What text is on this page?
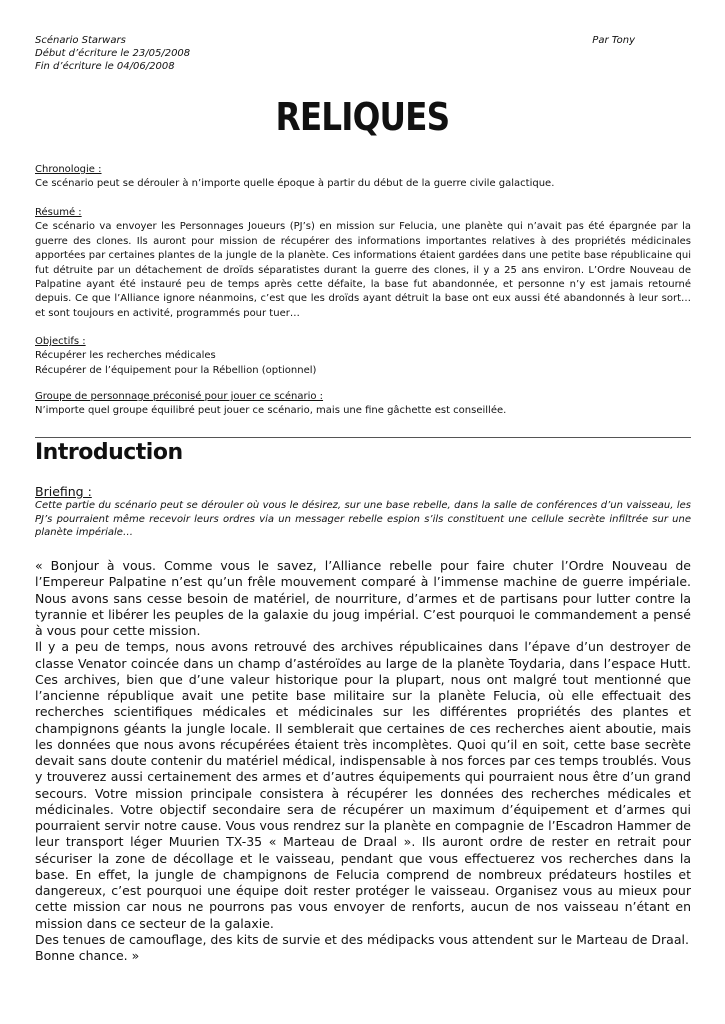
Scénario Starwars
Début d’écriture le 23/05/2008
Fin d’écriture le 04/06/2008
Par Tony
RELIQUES
Chronologie :
Ce scénario peut se dérouler à n’importe quelle époque à partir du début de la guerre civile galactique.
Résumé :
Ce scénario va envoyer les Personnages Joueurs (PJ’s) en mission sur Felucia, une planète qui n’avait pas été épargnée par la guerre des clones. Ils auront pour mission de récupérer des informations importantes relatives à des propriétés médicinales apportées par certaines plantes de la jungle de la planète. Ces informations étaient gardées dans une petite base républicaine qui fut détruite par un détachement de droïds séparatistes durant la guerre des clones, il y a 25 ans environ. L’Ordre Nouveau de Palpatine ayant été instauré peu de temps après cette défaite, la base fut abandonnée, et personne n’y est jamais retourné depuis. Ce que l’Alliance ignore néanmoins, c’est que les droïds ayant détruit la base ont eux aussi été abandonnés à leur sort… et sont toujours en activité, programmés pour tuer…
Objectifs :
Récupérer les recherches médicales
Récupérer de l’équipement pour la Rébellion (optionnel)
Groupe de personnage préconisé pour jouer ce scénario :
N’importe quel groupe équilibré peut jouer ce scénario, mais une fine gâchette est conseillée.
Introduction
Briefing :
Cette partie du scénario peut se dérouler où vous le désirez, sur une base rebelle, dans la salle de conférences d’un vaisseau, les PJ’s pourraient même recevoir leurs ordres via un messager rebelle espion s’ils constituent une cellule secrète infiltrée sur une planète impériale…

« Bonjour à vous. Comme vous le savez, l’Alliance rebelle pour faire chuter l’Ordre Nouveau de l’Empereur Palpatine n’est qu’un frêle mouvement comparé à l’immense machine de guerre impériale. Nous avons sans cesse besoin de matériel, de nourriture, d’armes et de partisans pour lutter contre la tyrannie et libérer les peuples de la galaxie du joug impérial. C’est pourquoi le commandement a pensé à vous pour cette mission.

Il y a peu de temps, nous avons retrouvé des archives républicaines dans l’épave d’un destroyer de classe Venator coincée dans un champ d’astéroïdes au large de la planète Toydaria, dans l’espace Hutt. Ces archives, bien que d’une valeur historique pour la plupart, nous ont malgré tout mentionné que l’ancienne république avait une petite base militaire sur la planète Felucia, où elle effectuait des recherches scientifiques médicales et médicinales sur les différentes propriétés des plantes et champignons géants la jungle locale. Il semblerait que certaines de ces recherches aient aboutie, mais les données que nous avons récupérées étaient très incomplètes. Quoi qu’il en soit, cette base secrète devait sans doute contenir du matériel médical, indispensable à nos forces par ces temps troublés. Vous y trouverez aussi certainement des armes et d’autres équipements qui pourraient nous être d’un grand secours. Votre mission principale consistera à récupérer les données des recherches médicales et médicinales. Votre objectif secondaire sera de récupérer un maximum d’équipement et d’armes qui pourraient servir notre cause. Vous vous rendrez sur la planète en compagnie de l’Escadron Hammer de leur transport léger Muurien TX-35 « Marteau de Draal ». Ils auront ordre de rester en retrait pour sécuriser la zone de décollage et le vaisseau, pendant que vous effectuerez vos recherches dans la base. En effet, la jungle de champignons de Felucia comprend de nombreux prédateurs hostiles et dangereux, c’est pourquoi une équipe doit rester protéger le vaisseau. Organisez vous au mieux pour cette mission car nous ne pourrons pas vous envoyer de renforts, aucun de nos vaisseau n’étant en mission dans ce secteur de la galaxie.

Des tenues de camouflage, des kits de survie et des médipacks vous attendent sur le Marteau de Draal.

Bonne chance. »
